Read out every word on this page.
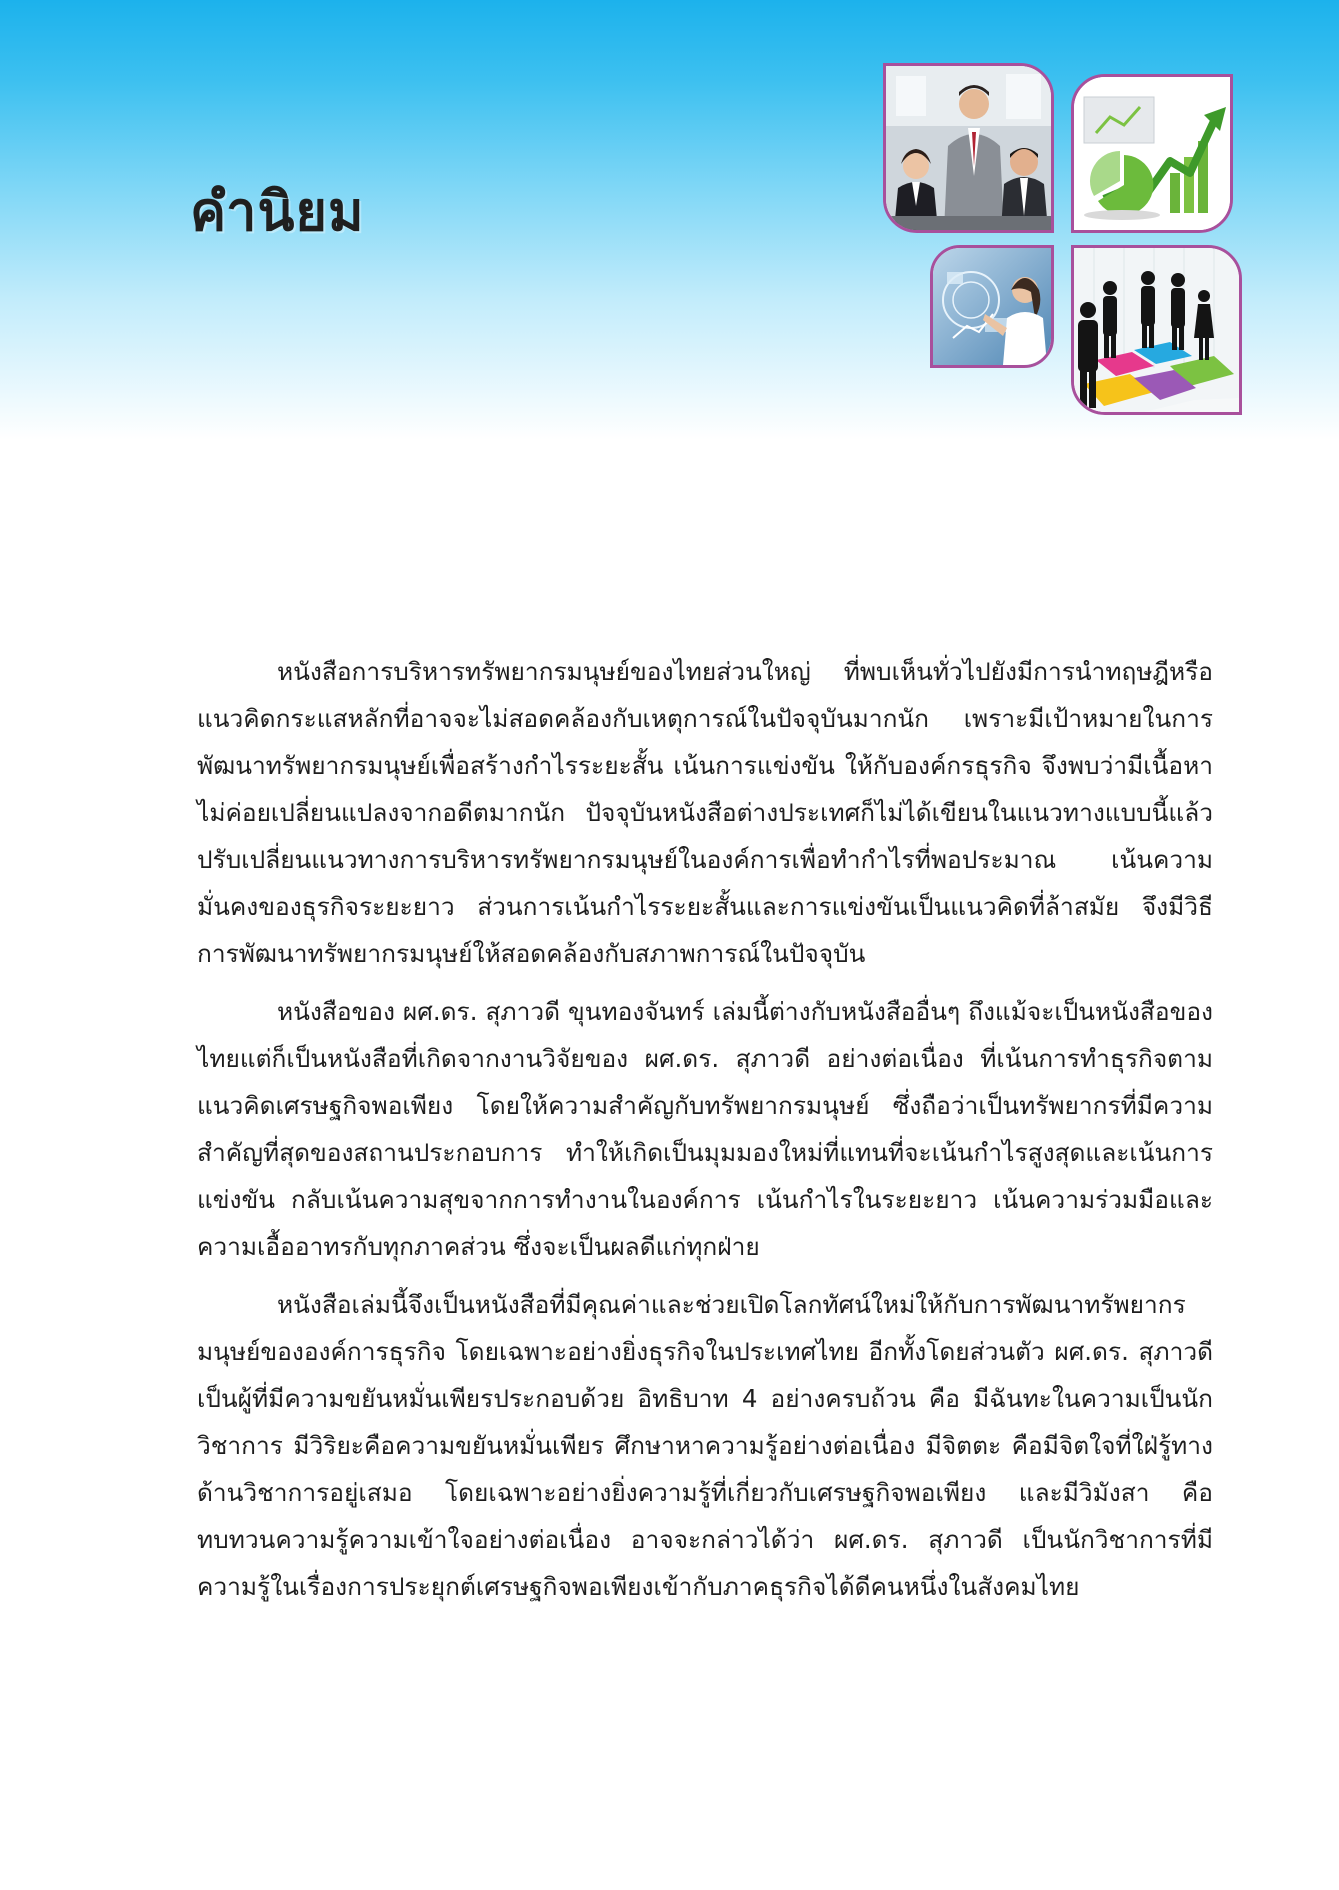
คำนิยม

หนังสือการบริหารทรัพยากรมนุษย์ของไทยส่วนใหญ่ ที่พบเห็นทั่วไปยังมีการนำทฤษฎีหรือแนวคิดกระแสหลักที่อาจจะไม่สอดคล้องกับเหตุการณ์ในปัจจุบันมากนัก เพราะมีเป้าหมายในการพัฒนาทรัพยากรมนุษย์เพื่อสร้างกำไรระยะสั้น เน้นการแข่งขัน ให้กับองค์กรธุรกิจ จึงพบว่ามีเนื้อหาไม่ค่อยเปลี่ยนแปลงจากอดีตมากนัก ปัจจุบันหนังสือต่างประเทศก็ไม่ได้เขียนในแนวทางแบบนี้แล้ว ปรับเปลี่ยนแนวทางการบริหารทรัพยากรมนุษย์ในองค์การเพื่อทำกำไรที่พอประมาณ เน้นความมั่นคงของธุรกิจระยะยาว ส่วนการเน้นกำไรระยะสั้นและการแข่งขันเป็นแนวคิดที่ล้าสมัย จึงมีวิธีการพัฒนาทรัพยากรมนุษย์ให้สอดคล้องกับสภาพการณ์ในปัจจุบัน

หนังสือของ ผศ.ดร. สุภาวดี ขุนทองจันทร์ เล่มนี้ต่างกับหนังสืออื่นๆ ถึงแม้จะเป็นหนังสือของไทยแต่ก็เป็นหนังสือที่เกิดจากงานวิจัยของ ผศ.ดร. สุภาวดี อย่างต่อเนื่อง ที่เน้นการทำธุรกิจตามแนวคิดเศรษฐกิจพอเพียง โดยให้ความสำคัญกับทรัพยากรมนุษย์ ซึ่งถือว่าเป็นทรัพยากรที่มีความสำคัญที่สุดของสถานประกอบการ ทำให้เกิดเป็นมุมมองใหม่ที่แทนที่จะเน้นกำไรสูงสุดและเน้นการแข่งขัน กลับเน้นความสุขจากการทำงานในองค์การ เน้นกำไรในระยะยาว เน้นความร่วมมือและความเอื้ออาทรกับทุกภาคส่วน ซึ่งจะเป็นผลดีแก่ทุกฝ่าย

หนังสือเล่มนี้จึงเป็นหนังสือที่มีคุณค่าและช่วยเปิดโลกทัศน์ใหม่ให้กับการพัฒนาทรัพยากรมนุษย์ขององค์การธุรกิจ โดยเฉพาะอย่างยิ่งธุรกิจในประเทศไทย อีกทั้งโดยส่วนตัว ผศ.ดร. สุภาวดี เป็นผู้ที่มีความขยันหมั่นเพียรประกอบด้วย อิทธิบาท 4 อย่างครบถ้วน คือ มีฉันทะในความเป็นนักวิชาการ มีวิริยะคือความขยันหมั่นเพียร ศึกษาหาความรู้อย่างต่อเนื่อง มีจิตตะ คือมีจิตใจที่ใฝ่รู้ทางด้านวิชาการอยู่เสมอ โดยเฉพาะอย่างยิ่งความรู้ที่เกี่ยวกับเศรษฐกิจพอเพียง และมีวิมังสา คือ ทบทวนความรู้ความเข้าใจอย่างต่อเนื่อง อาจจะกล่าวได้ว่า ผศ.ดร. สุภาวดี เป็นนักวิชาการที่มีความรู้ในเรื่องการประยุกต์เศรษฐกิจพอเพียงเข้ากับภาคธุรกิจได้ดีคนหนึ่งในสังคมไทย
